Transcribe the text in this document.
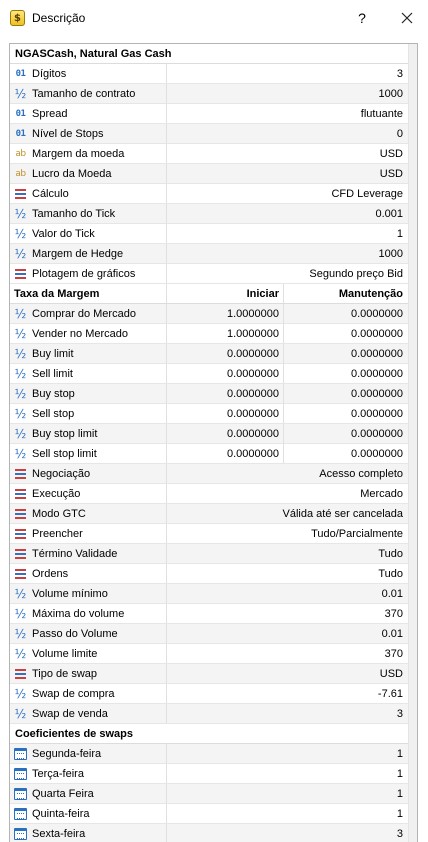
$ Descrição	?
NGASCash, Natural Gas Cash
01 Dígitos	3
½ Tamanho de contrato	1000
01 Spread	flutuante
01 Nível de Stops	0
ab Margem da moeda	USD
ab Lucro da Moeda	USD
Cálculo	CFD Leverage
½ Tamanho do Tick	0.001
½ Valor do Tick	1
½ Margem de Hedge	1000
Plotagem de gráficos	Segundo preço Bid
Taxa da Margem	Iniciar	Manutenção
½ Comprar do Mercado	1.0000000	0.0000000
½ Vender no Mercado	1.0000000	0.0000000
½ Buy limit	0.0000000	0.0000000
½ Sell limit	0.0000000	0.0000000
½ Buy stop	0.0000000	0.0000000
½ Sell stop	0.0000000	0.0000000
½ Buy stop limit	0.0000000	0.0000000
½ Sell stop limit	0.0000000	0.0000000
Negociação	Acesso completo
Execução	Mercado
Modo GTC	Válida até ser cancelada
Preencher	Tudo/Parcialmente
Término Validade	Tudo
Ordens	Tudo
½ Volume mínimo	0.01
½ Máxima do volume	370
½ Passo do Volume	0.01
½ Volume limite	370
Tipo de swap	USD
½ Swap de compra	-7.61
½ Swap de venda	3
Coeficientes de swaps
Segunda-feira	1
Terça-feira	1
Quarta Feira	1
Quinta-feira	1
Sexta-feira	3
